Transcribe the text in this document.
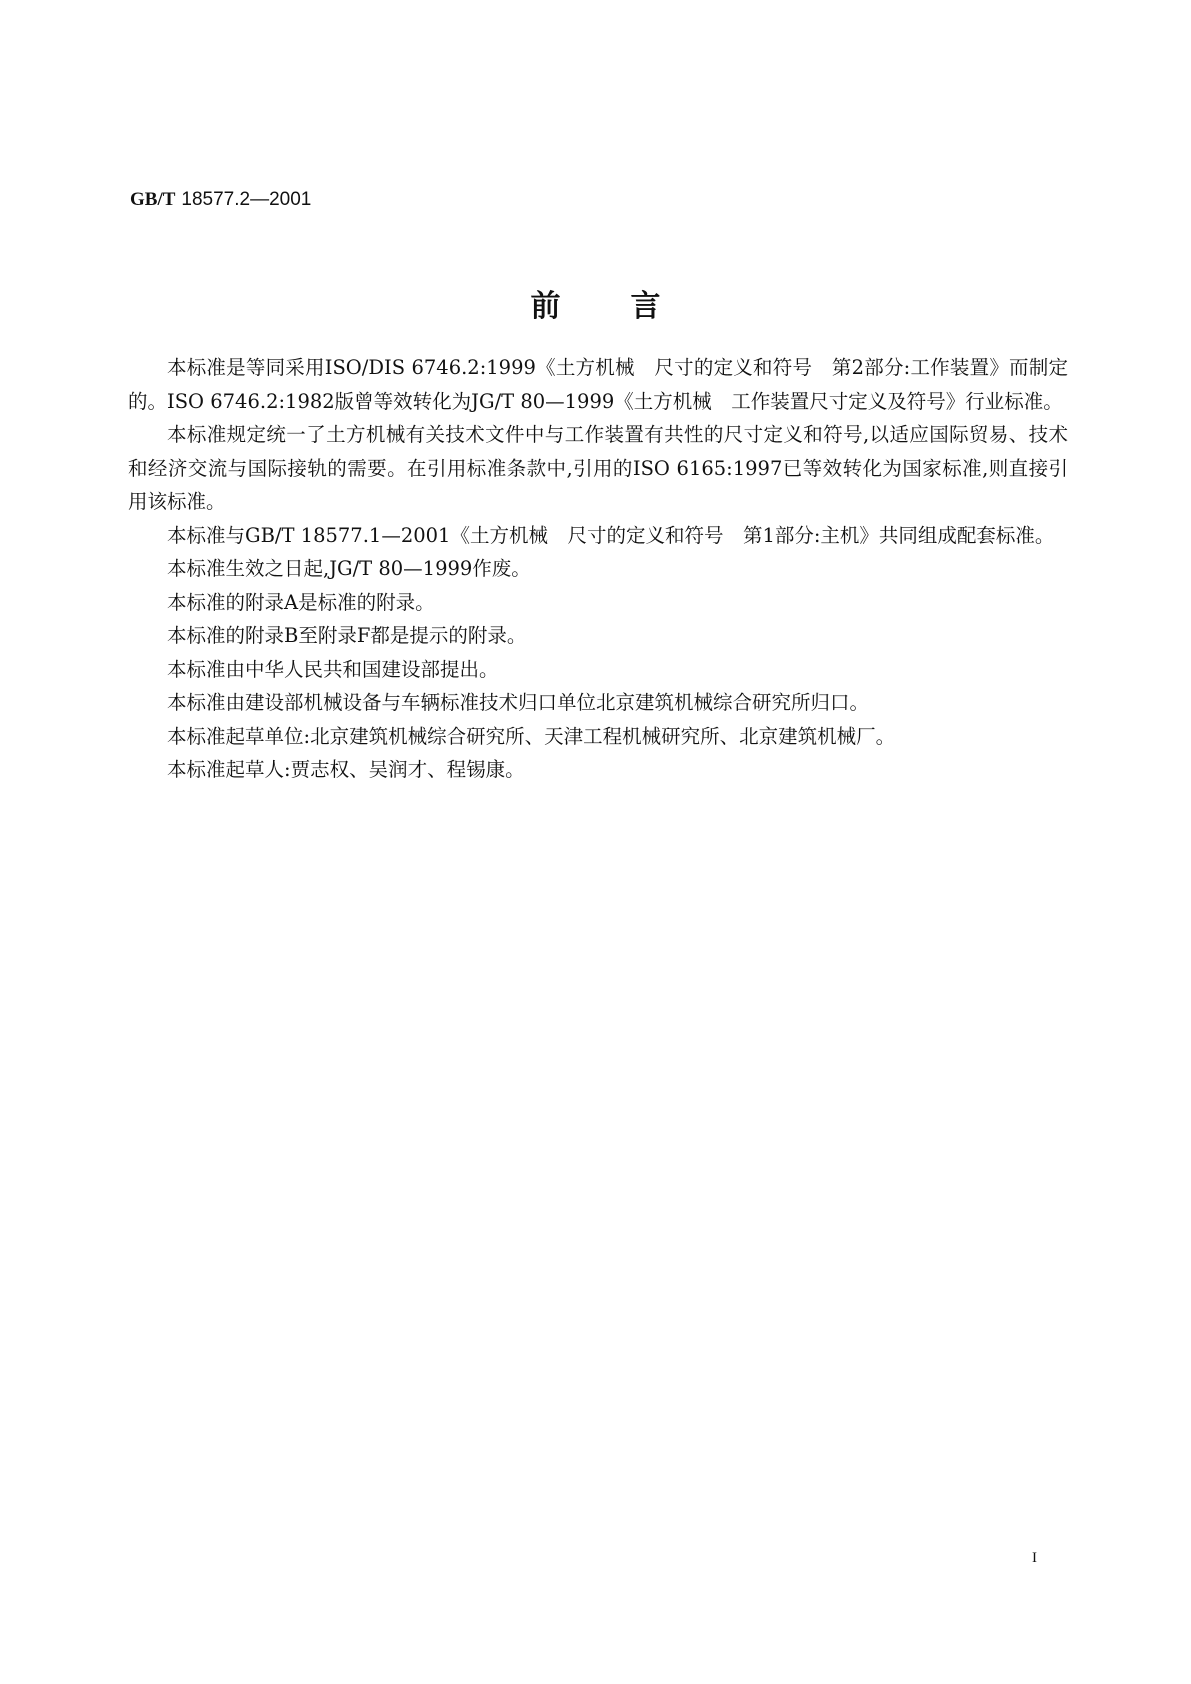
GB/T 18577.2—2001
前言

本标准是等同采用ISO/DIS 6746.2:1999《土方机械　尺寸的定义和符号　第2部分:工作装置》而制定的。ISO 6746.2:1982版曾等效转化为JG/T 80—1999《土方机械　工作装置尺寸定义及符号》行业标准。

本标准规定统一了土方机械有关技术文件中与工作装置有共性的尺寸定义和符号,以适应国际贸易、技术和经济交流与国际接轨的需要。在引用标准条款中,引用的ISO 6165:1997已等效转化为国家标准,则直接引用该标准。

本标准与GB/T 18577.1—2001《土方机械　尺寸的定义和符号　第1部分:主机》共同组成配套标准。

本标准生效之日起,JG/T 80—1999作废。

本标准的附录A是标准的附录。

本标准的附录B至附录F都是提示的附录。

本标准由中华人民共和国建设部提出。

本标准由建设部机械设备与车辆标准技术归口单位北京建筑机械综合研究所归口。

本标准起草单位:北京建筑机械综合研究所、天津工程机械研究所、北京建筑机械厂。

本标准起草人:贾志权、吴润才、程锡康。

I
